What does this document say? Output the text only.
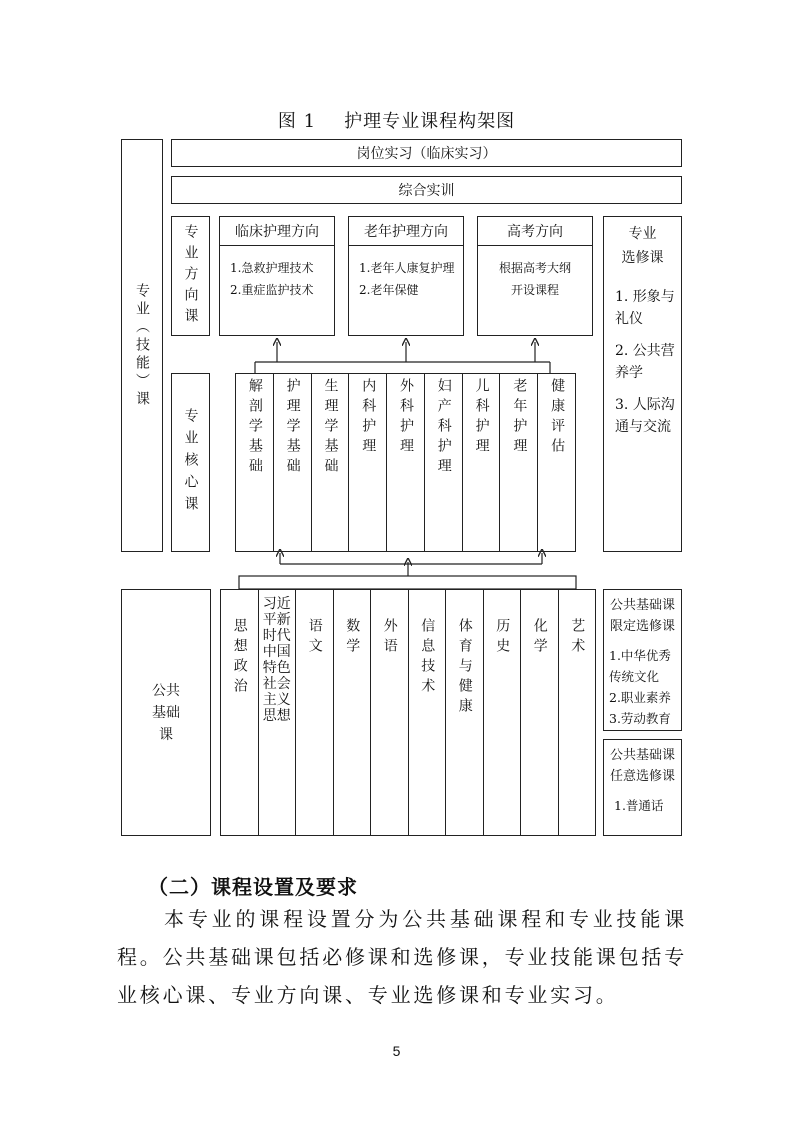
图 1 护理专业课程构架图
专业（技能）课
公共基础课
岗位实习（临床实习）
综合实训
专业方向课	临床护理方向
1.急救护理技术
2.重症监护技术
老年护理方向
1.老年人康复护理
2.老年保健
高考方向
根据高考大纲
开设课程
专业
选修课
1. 形象与礼仪
2. 公共营养学
3. 人际沟通与交流
专业核心课	解剖学基础 护理学基础 生理学基础 内科护理 外科护理 妇产科护理 儿科护理 老年护理 健康评估
思想政治
习近平新时代中国特色社会主义思想
语文 数学 外语 信息技术 体育与健康 历史 化学 艺术
公共基础课限定选修课
1.中华优秀传统文化
2.职业素养
3.劳动教育
公共基础课任意选修课
1.普通话
（二）课程设置及要求
本专业的课程设置分为公共基础课程和专业技能课程。公共基础课包括必修课和选修课，专业技能课包括专业核心课、专业方向课、专业选修课和专业实习。
5
